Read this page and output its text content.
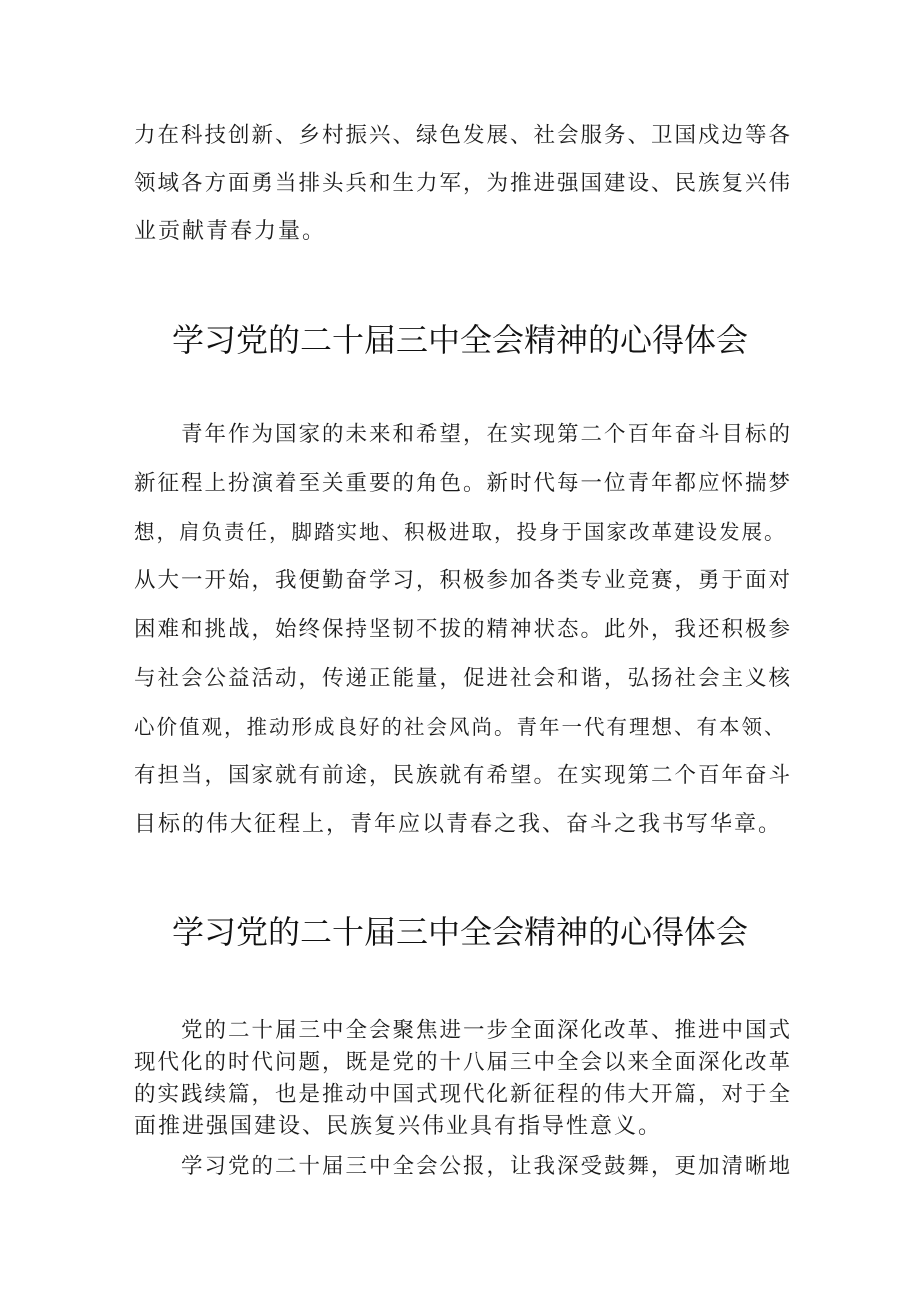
力在科技创新、乡村振兴、绿色发展、社会服务、卫国戍边等各
领域各方面勇当排头兵和生力军，为推进强国建设、民族复兴伟
业贡献青春力量。
学习党的二十届三中全会精神的心得体会
　　青年作为国家的未来和希望，在实现第二个百年奋斗目标的
新征程上扮演着至关重要的角色。新时代每一位青年都应怀揣梦
想，肩负责任，脚踏实地、积极进取，投身于国家改革建设发展。
从大一开始，我便勤奋学习，积极参加各类专业竞赛，勇于面对
困难和挑战，始终保持坚韧不拔的精神状态。此外，我还积极参
与社会公益活动，传递正能量，促进社会和谐，弘扬社会主义核
心价值观，推动形成良好的社会风尚。青年一代有理想、有本领、
有担当，国家就有前途，民族就有希望。在实现第二个百年奋斗
目标的伟大征程上，青年应以青春之我、奋斗之我书写华章。
学习党的二十届三中全会精神的心得体会
　　党的二十届三中全会聚焦进一步全面深化改革、推进中国式
现代化的时代问题，既是党的十八届三中全会以来全面深化改革
的实践续篇，也是推动中国式现代化新征程的伟大开篇，对于全
面推进强国建设、民族复兴伟业具有指导性意义。
　　学习党的二十届三中全会公报，让我深受鼓舞，更加清晰地
